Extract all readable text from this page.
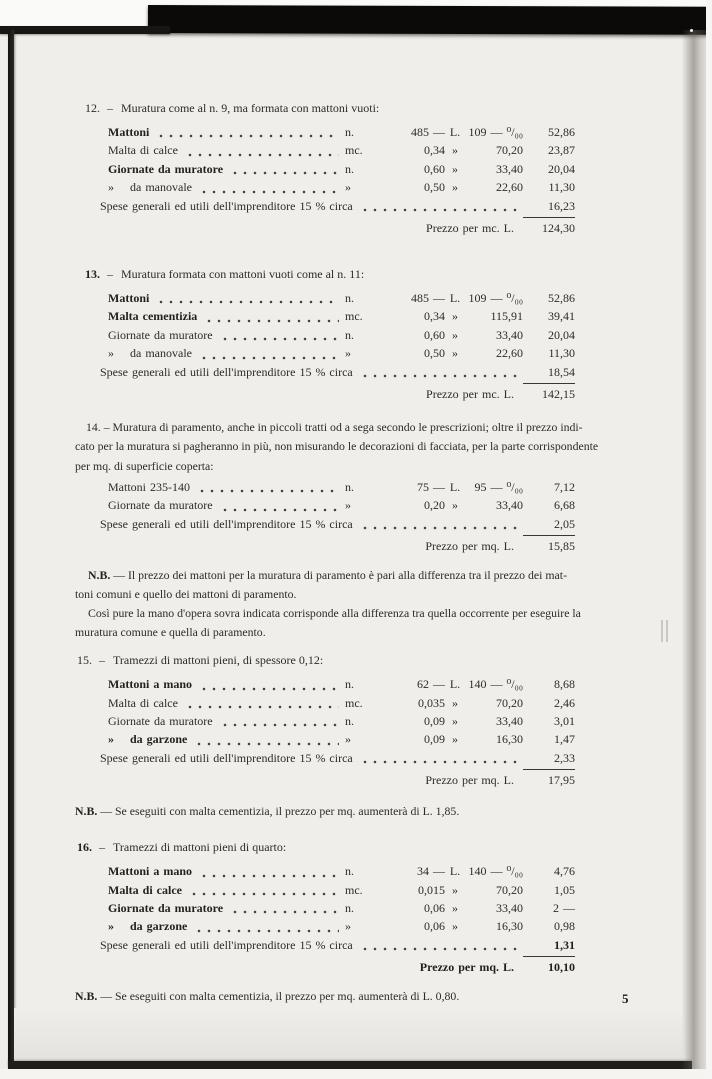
12. – Muratura come al n. 9, ma formata con mattoni vuoti:
Mattoni	n.	485 — L. 109 — ⁰/₀₀	52,86
Malta di calce	mc.	0,34 »	70,20	23,87
Giornate da muratore	n.	0,60 »	33,40	20,04
»  da manovale	»	0,50 »	22,60	11,30
Spese generali ed utili dell'imprenditore 15 % circa	16,23
Prezzo per mc. L.	124,30
13. – Muratura formata con mattoni vuoti come al n. 11:
Mattoni	n.	485 — L. 109 — ⁰/₀₀	52,86
Malta cementizia	mc.	0,34 »	115,91	39,41
Giornate da muratore	n.	0,60 »	33,40	20,04
»  da manovale	»	0,50 »	22,60	11,30
Spese generali ed utili dell'imprenditore 15 % circa	18,54
Prezzo per mc. L.	142,15
14. – Muratura di paramento, anche in piccoli tratti od a sega secondo le prescrizioni; oltre il prezzo indi-
cato per la muratura si pagheranno in più, non misurando le decorazioni di facciata, per la parte corrispondente
per mq. di superficie coperta:
Mattoni 235-140	n.	75 — L.	95 — ⁰/₀₀	7,12
Giornate da muratore	»	0,20 »	33,40	6,68
Spese generali ed utili dell'imprenditore 15 % circa	2,05
Prezzo per mq. L.	15,85
N.B. — Il prezzo dei mattoni per la muratura di paramento è pari alla differenza tra il prezzo dei mat-
toni comuni e quello dei mattoni di paramento.
Così pure la mano d'opera sovra indicata corrisponde alla differenza tra quella occorrente per eseguire la
muratura comune e quella di paramento.
15. – Tramezzi di mattoni pieni, di spessore 0,12:
Mattoni a mano	n.	62 — L. 140 — ⁰/₀₀	8,68
Malta di calce	mc.	0,035 »	70,20	2,46
Giornate da muratore	n.	0,09 »	33,40	3,01
»  da garzone	»	0,09 »	16,30	1,47
Spese generali ed utili dell'imprenditore 15 % circa	2,33
Prezzo per mq. L.	17,95
N.B. — Se eseguiti con malta cementizia, il prezzo per mq. aumenterà di L. 1,85.
16. – Tramezzi di mattoni pieni di quarto:
Mattoni a mano	n.	34 — L. 140 — ⁰/₀₀	4,76
Malta di calce	mc.	0,015 »	70,20	1,05
Giornate da muratore	n.	0,06 »	33,40	2 —
»  da garzone	»	0,06 »	16,30	0,98
Spese generali ed utili dell'imprenditore 15 % circa	1,31
Prezzo per mq. L.	10,10
N.B. — Se eseguiti con malta cementizia, il prezzo per mq. aumenterà di L. 0,80.	5
